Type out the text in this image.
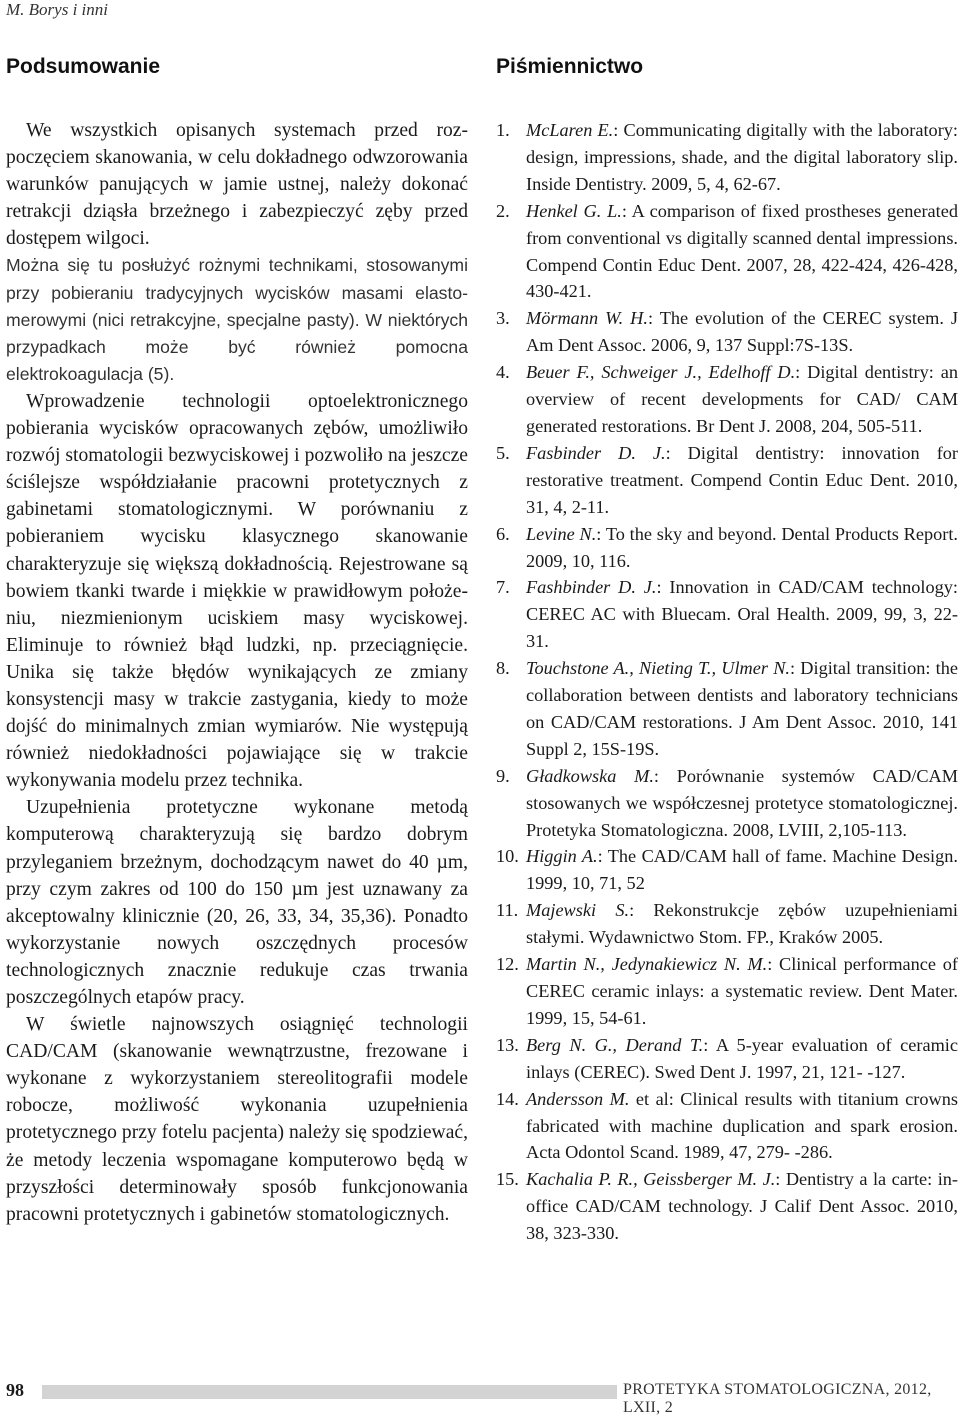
M. Borys i inni
Podsumowanie

We wszystkich opisanych systemach przed rozpoczęciem skanowania, w celu dokładnego odwzorowania warunków panujących w jamie ustnej, należy dokonać retrakcji dziąsła brzeżnego i zabezpieczyć zęby przed dostępem wilgoci.

Można się tu posłużyć rożnymi technikami, stosowanymi przy pobieraniu tradycyjnych wycisków masami elastomerowymi (nici retrakcyjne, specjalne pasty). W niektórych przypadkach może być również pomocna elektrokoagulacja (5).

Wprowadzenie technologii optoelektronicznego pobierania wycisków opracowanych zębów, umożliwiło rozwój stomatologii bezwyciskowej i pozwoliło na jeszcze ściślejsze współdziałanie pracowni protetycznych z gabinetami stomatologicznymi. W porównaniu z pobieraniem wycisku klasycznego skanowanie charakteryzuje się większą dokładnością. Rejestrowane są bowiem tkanki twarde i miękkie w prawidłowym położeniu, niezmienionym uciskiem masy wyciskowej. Eliminuje to również błąd ludzki, np. przeciągnięcie. Unika się także błędów wynikających ze zmiany konsystencji masy w trakcie zastygania, kiedy to może dojść do minimalnych zmian wymiarów. Nie występują również niedokładności pojawiające się w trakcie wykonywania modelu przez technika.

Uzupełnienia protetyczne wykonane metodą komputerową charakteryzują się bardzo dobrym przyleganiem brzeżnym, dochodzącym nawet do 40 µm, przy czym zakres od 100 do 150 µm jest uznawany za akceptowalny klinicznie (20, 26, 33, 34, 35,36). Ponadto wykorzystanie nowych oszczędnych procesów technologicznych znacznie redukuje czas trwania poszczególnych etapów pracy.

W świetle najnowszych osiągnięć technologii CAD/CAM (skanowanie wewnątrzustne, frezowane i wykonane z wykorzystaniem stereolitografii modele robocze, możliwość wykonania uzupełnienia protetycznego przy fotelu pacjenta) należy się spodziewać, że metody leczenia wspomagane komputerowo będą w przyszłości determinowały sposób funkcjonowania pracowni protetycznych i gabinetów stomatologicznych.

Piśmiennictwo
1. McLaren E.: Communicating digitally with the laboratory: design, impressions, shade, and the digital laboratory slip. Inside Dentistry. 2009, 5, 4, 62-67.
2. Henkel G. L.: A comparison of fixed prostheses generated from conventional vs digitally scanned dental impressions. Compend Contin Educ Dent. 2007, 28, 422-424, 426-428, 430-421.
3. Mörmann W. H.: The evolution of the CEREC system. J Am Dent Assoc. 2006, 9, 137 Suppl:7S-13S.
4. Beuer F., Schweiger J., Edelhoff D.: Digital dentistry: an overview of recent developments for CAD/ CAM generated restorations. Br Dent J. 2008, 204, 505-511.
5. Fasbinder D. J.: Digital dentistry: innovation for restorative treatment. Compend Contin Educ Dent. 2010, 31, 4, 2-11.
6. Levine N.: To the sky and beyond. Dental Products Report. 2009, 10, 116.
7. Fashbinder D. J.: Innovation in CAD/CAM technology: CEREC AC with Bluecam. Oral Health. 2009, 99, 3, 22-31.
8. Touchstone A., Nieting T., Ulmer N.: Digital transition: the collaboration between dentists and laboratory technicians on CAD/CAM restorations. J Am Dent Assoc. 2010, 141 Suppl 2, 15S-19S.
9. Gładkowska M.: Porównanie systemów CAD/CAM stosowanych we współczesnej protetyce stomatologicznej. Protetyka Stomatologiczna. 2008, LVIII, 2,105-113.
10. Higgin A.: The CAD/CAM hall of fame. Machine Design. 1999, 10, 71, 52
11. Majewski S.: Rekonstrukcje zębów uzupełnieniami stałymi. Wydawnictwo Stom. FP., Kraków 2005.
12. Martin N., Jedynakiewicz N. M.: Clinical performance of CEREC ceramic inlays: a systematic review. Dent Mater. 1999, 15, 54-61.
13. Berg N. G., Derand T.: A 5-year evaluation of ceramic inlays (CEREC). Swed Dent J. 1997, 21, 121- -127.
14. Andersson M. et al: Clinical results with titanium crowns fabricated with machine duplication and spark erosion. Acta Odontol Scand. 1989, 47, 279- -286.
15. Kachalia P. R., Geissberger M. J.: Dentistry a la carte: in-office CAD/CAM technology. J Calif Dent Assoc. 2010, 38, 323-330.
98	PROTETYKA STOMATOLOGICZNA, 2012, LXII, 2
